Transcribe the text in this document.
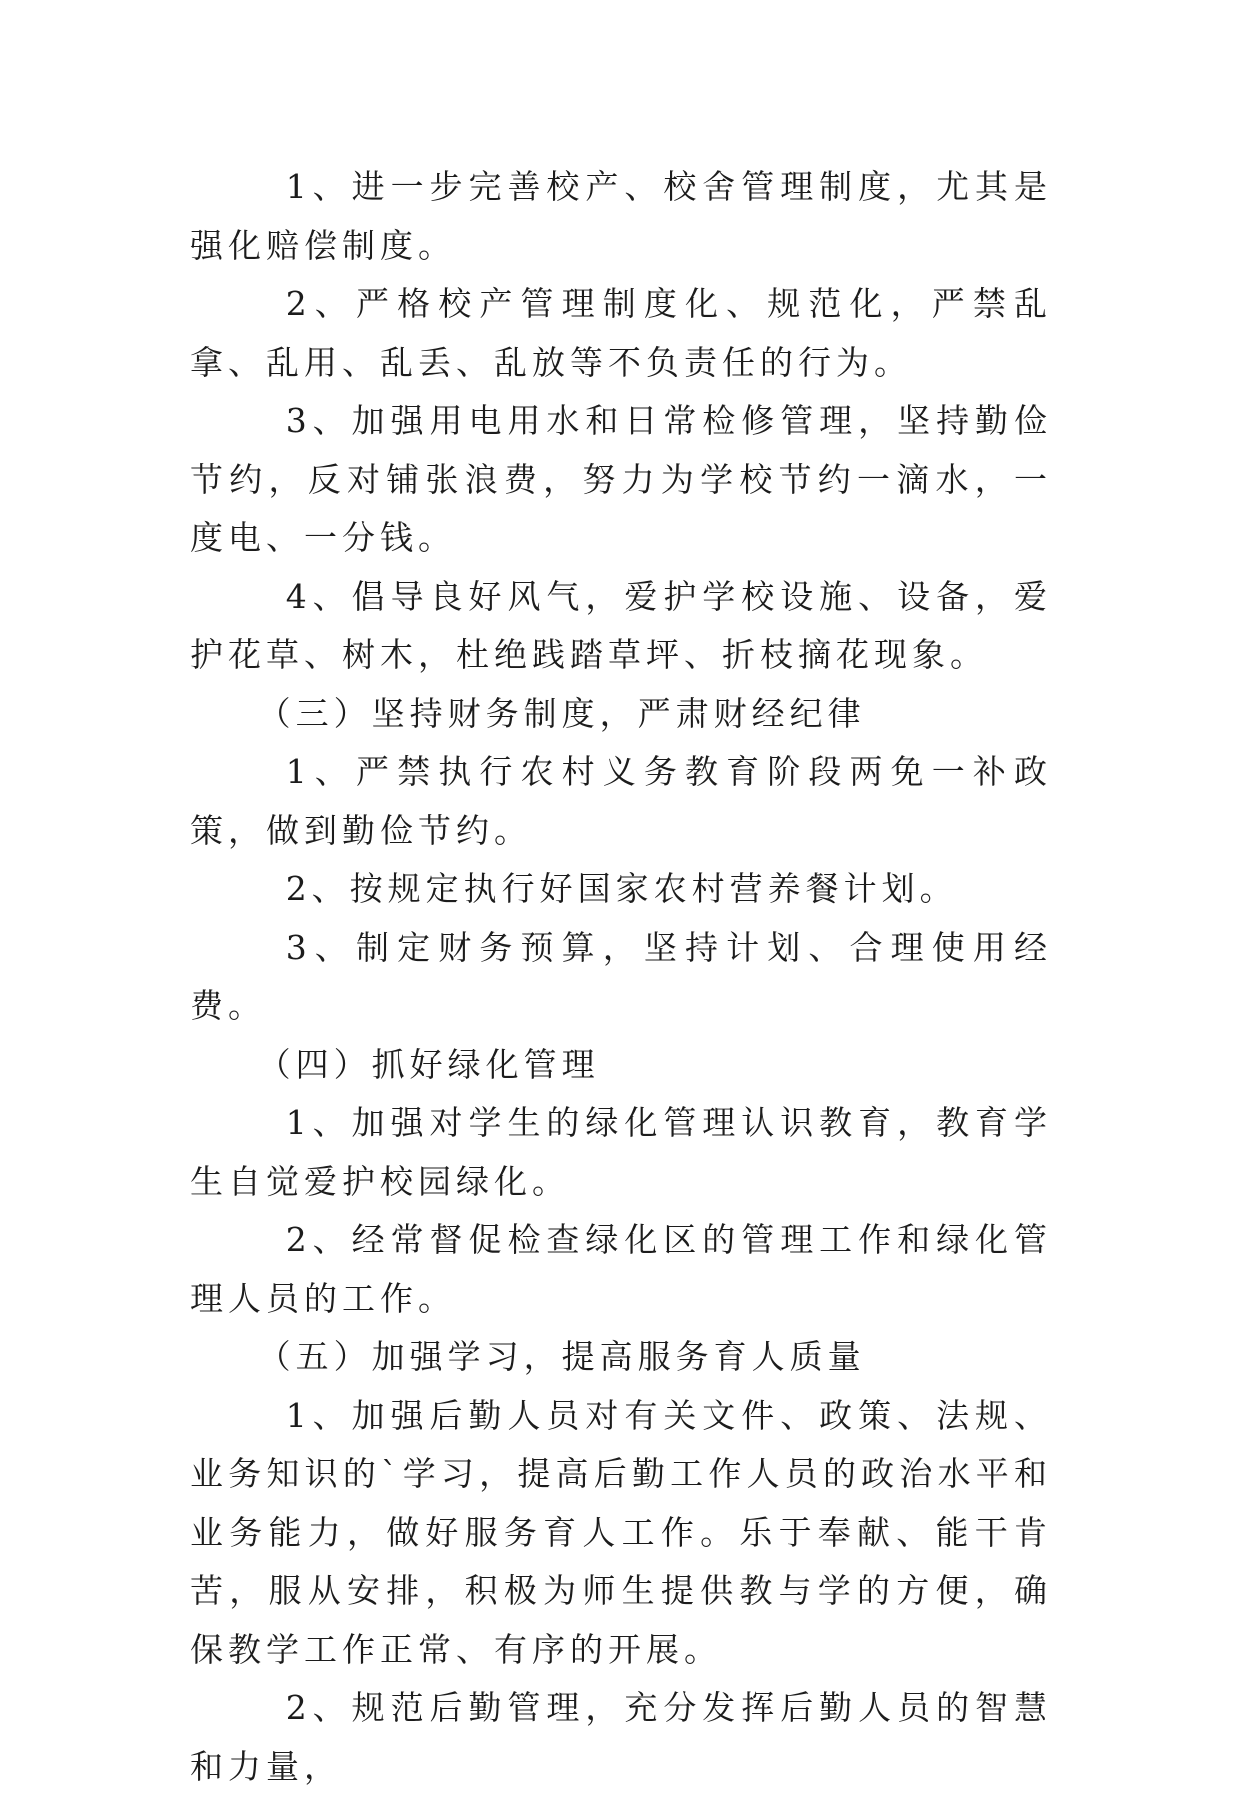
1、进一步完善校产、校舍管理制度，尤其是强化赔偿制度。

2、严格校产管理制度化、规范化，严禁乱拿、乱用、乱丢、乱放等不负责任的行为。

3、加强用电用水和日常检修管理，坚持勤俭节约，反对铺张浪费，努力为学校节约一滴水，一度电、一分钱。

4、倡导良好风气，爱护学校设施、设备，爱护花草、树木，杜绝践踏草坪、折枝摘花现象。

（三）坚持财务制度，严肃财经纪律

1、严禁执行农村义务教育阶段两免一补政策，做到勤俭节约。

2、按规定执行好国家农村营养餐计划。

3、制定财务预算，坚持计划、合理使用经费。

（四）抓好绿化管理

1、加强对学生的绿化管理认识教育，教育学生自觉爱护校园绿化。

2、经常督促检查绿化区的管理工作和绿化管理人员的工作。

（五）加强学习，提高服务育人质量

1、加强后勤人员对有关文件、政策、法规、业务知识的`学习，提高后勤工作人员的政治水平和业务能力，做好服务育人工作。乐于奉献、能干肯苦，服从安排，积极为师生提供教与学的方便，确保教学工作正常、有序的开展。

2、规范后勤管理，充分发挥后勤人员的智慧和力量，
